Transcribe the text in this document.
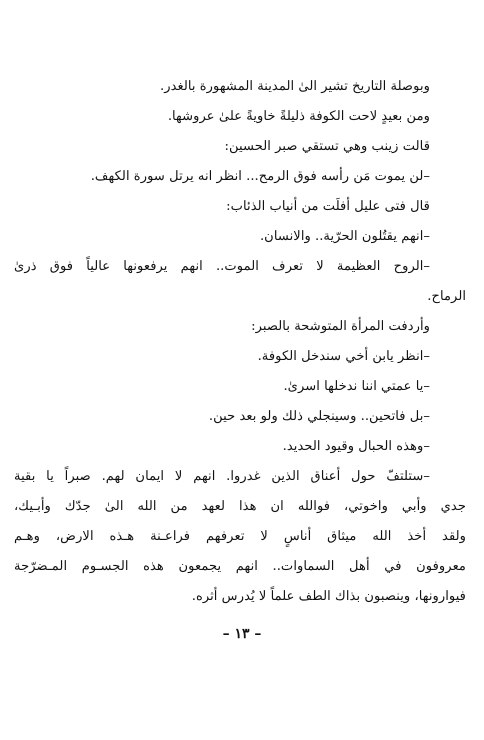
وبوصلة التاريخ تشير الىٰ المدينة المشهورة بالغدر.
ومن بعيدٍ لاحت الكوفة ذليلةً خاويةً علىٰ عروشها.
قالت زينب وهي تستقي صبر الحسين:
–لن يموت مَن رأسه فوق الرمح... انظر انه يرتل سورة الكهف.
قال فتى عليل أفلَت من أنياب الذئاب:
–انهم يقتُلون الحرّية.. والانسان.
–الروح العظيمة لا تعرف الموت.. انهم يرفعونها عالياً فوق ذرىٰ
الرماح.
وأردفت المرأة المتوشحة بالصبر:
–انظر يابن أخي سندخل الكوفة.
–يا عمتي اننا ندخلها اسرىٰ.
–بل فاتحين.. وسينجلي ذلك ولو بعد حين.
–وهذه الحبال وقيود الحديد.
–ستلتفّ حول أعناق الذين غدروا. انهم لا ايمان لهم. صبراً يا بقية
جدي وأبي واخوتي، فوالله ان هذا لعهد من الله الىٰ جدّك وأبـيك،
ولقد أخذ الله ميثاق أناسٍ لا تعرفهم فراعـنة هـذه الارض، وهـم
معروفون في أهل السماوات.. انهم يجمعون هذه الجسـوم المـضرّجة
فيوارونها، وينصبون بذاك الطف علماً لا يُدرس أثره.
– ١٣ –
